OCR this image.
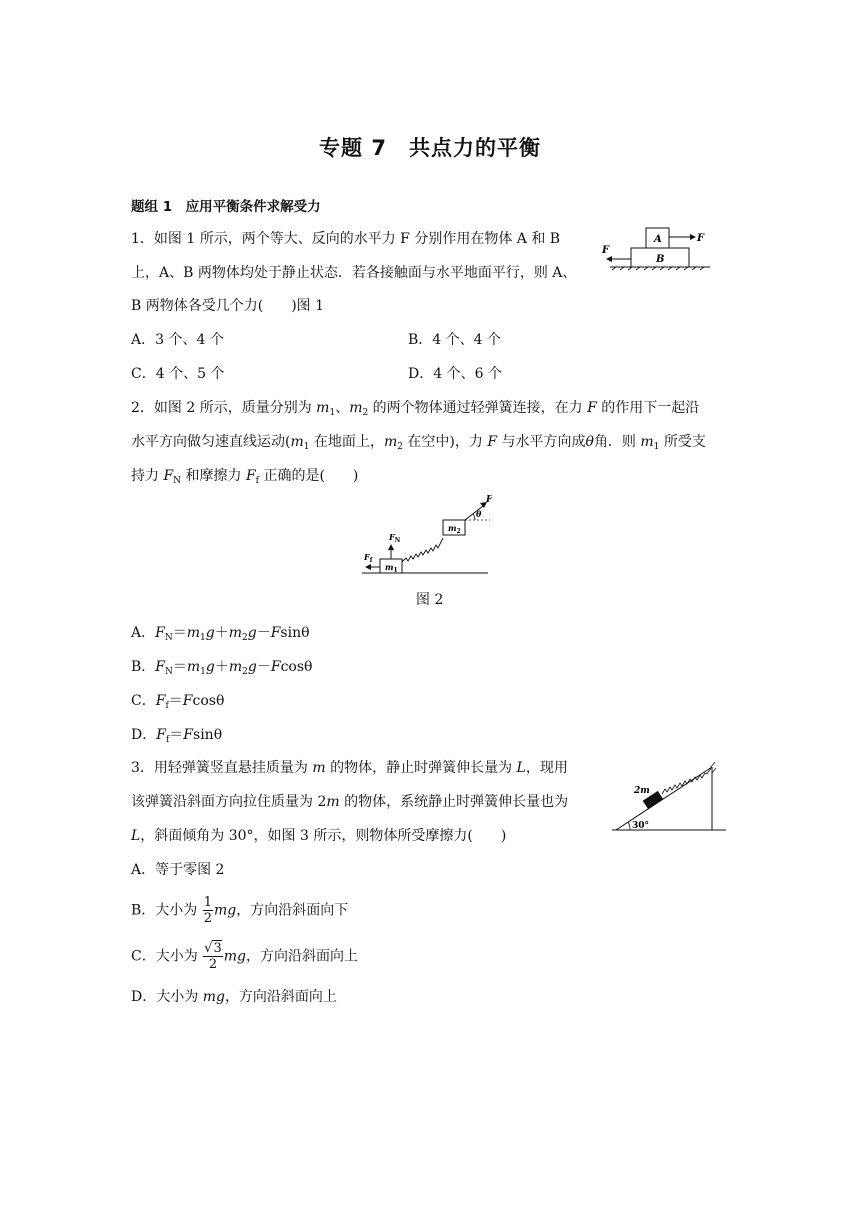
专题 7　共点力的平衡
题组 1　应用平衡条件求解受力
1．如图 1 所示，两个等大、反向的水平力 F 分别作用在物体 A 和 B
上，A、B 两物体均处于静止状态．若各接触面与水平地面平行，则 A、
B 两物体各受几个力(　　)图 1
A．3 个、4 个	B．4 个、4 个
C．4 个、5 个	D．4 个、6 个
A
B
F
F
2．如图 2 所示，质量分别为 $m_1$、$m_2$ 的两个物体通过轻弹簧连接，在力 F 的作用下一起沿
水平方向做匀速直线运动($m_1$ 在地面上，$m_2$ 在空中)，力 F 与水平方向成θ角．则 $m_1$ 所受支
持力 $F_N$ 和摩擦力 $F_f$ 正确的是(　　)
$m_1$
$m_2$
$F_N$
$F_f$
F
θ
图 2
A．$F_N=m_1g+m_2g-Fsin\theta$
B．$F_N=m_1g+m_2g-Fcos\theta$
C．$F_f=Fcos\theta$
D．$F_f=Fsin\theta$
3．用轻弹簧竖直悬挂质量为 m 的物体，静止时弹簧伸长量为 L，现用
该弹簧沿斜面方向拉住质量为 2m 的物体，系统静止时弹簧伸长量也为
L，斜面倾角为 30°，如图 3 所示，则物体所受摩擦力(　　)
30°
2m
A．等于零图 2
B．大小为 $\frac{1}{2}$ mg，方向沿斜面向下
C．大小为 $\frac{√3}{2}$ mg，方向沿斜面向上
D．大小为 mg，方向沿斜面向上
